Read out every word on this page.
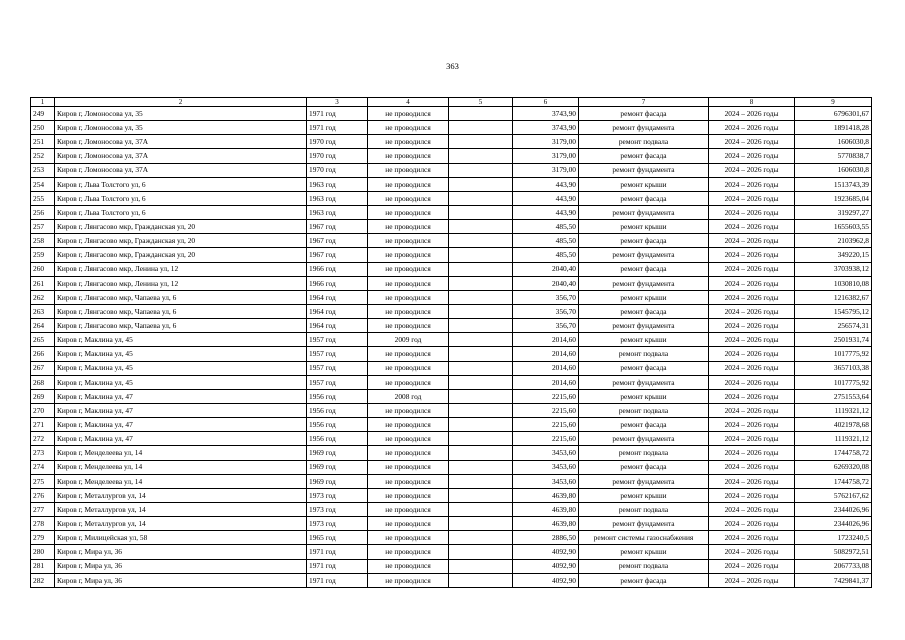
363
1	2	3	4	5	6	7	8	9
249	Киров г, Ломоносова ул, 35	1971 год	не проводился		3743,90	ремонт фасада	2024 – 2026 годы	6796301,67
250	Киров г, Ломоносова ул, 35	1971 год	не проводился		3743,90	ремонт фундамента	2024 – 2026 годы	1891418,28
251	Киров г, Ломоносова ул, 37А	1970 год	не проводился		3179,00	ремонт подвала	2024 – 2026 годы	1606030,8
252	Киров г, Ломоносова ул, 37А	1970 год	не проводился		3179,00	ремонт фасада	2024 – 2026 годы	5770838,7
253	Киров г, Ломоносова ул, 37А	1970 год	не проводился		3179,00	ремонт фундамента	2024 – 2026 годы	1606030,8
254	Киров г, Льва Толстого ул, 6	1963 год	не проводился		443,90	ремонт крыши	2024 – 2026 годы	1513743,39
255	Киров г, Льва Толстого ул, 6	1963 год	не проводился		443,90	ремонт фасада	2024 – 2026 годы	1923685,04
256	Киров г, Льва Толстого ул, 6	1963 год	не проводился		443,90	ремонт фундамента	2024 – 2026 годы	319297,27
257	Киров г, Лянгасово мкр, Гражданская ул, 20	1967 год	не проводился		485,50	ремонт крыши	2024 – 2026 годы	1655603,55
258	Киров г, Лянгасово мкр, Гражданская ул, 20	1967 год	не проводился		485,50	ремонт фасада	2024 – 2026 годы	2103962,8
259	Киров г, Лянгасово мкр, Гражданская ул, 20	1967 год	не проводился		485,50	ремонт фундамента	2024 – 2026 годы	349220,15
260	Киров г, Лянгасово мкр, Ленина ул, 12	1966 год	не проводился		2040,40	ремонт фасада	2024 – 2026 годы	3703938,12
261	Киров г, Лянгасово мкр, Ленина ул, 12	1966 год	не проводился		2040,40	ремонт фундамента	2024 – 2026 годы	1030810,08
262	Киров г, Лянгасово мкр, Чапаева ул, 6	1964 год	не проводился		356,70	ремонт крыши	2024 – 2026 годы	1216382,67
263	Киров г, Лянгасово мкр, Чапаева ул, 6	1964 год	не проводился		356,70	ремонт фасада	2024 – 2026 годы	1545795,12
264	Киров г, Лянгасово мкр, Чапаева ул, 6	1964 год	не проводился		356,70	ремонт фундамента	2024 – 2026 годы	256574,31
265	Киров г, Маклина ул, 45	1957 год	2009 год		2014,60	ремонт крыши	2024 – 2026 годы	2501931,74
266	Киров г, Маклина ул, 45	1957 год	не проводился		2014,60	ремонт подвала	2024 – 2026 годы	1017775,92
267	Киров г, Маклина ул, 45	1957 год	не проводился		2014,60	ремонт фасада	2024 – 2026 годы	3657103,38
268	Киров г, Маклина ул, 45	1957 год	не проводился		2014,60	ремонт фундамента	2024 – 2026 годы	1017775,92
269	Киров г, Маклина ул, 47	1956 год	2008 год		2215,60	ремонт крыши	2024 – 2026 годы	2751553,64
270	Киров г, Маклина ул, 47	1956 год	не проводился		2215,60	ремонт подвала	2024 – 2026 годы	1119321,12
271	Киров г, Маклина ул, 47	1956 год	не проводился		2215,60	ремонт фасада	2024 – 2026 годы	4021978,68
272	Киров г, Маклина ул, 47	1956 год	не проводился		2215,60	ремонт фундамента	2024 – 2026 годы	1119321,12
273	Киров г, Менделеева ул, 14	1969 год	не проводился		3453,60	ремонт подвала	2024 – 2026 годы	1744758,72
274	Киров г, Менделеева ул, 14	1969 год	не проводился		3453,60	ремонт фасада	2024 – 2026 годы	6269320,08
275	Киров г, Менделеева ул, 14	1969 год	не проводился		3453,60	ремонт фундамента	2024 – 2026 годы	1744758,72
276	Киров г, Металлургов ул, 14	1973 год	не проводился		4639,80	ремонт крыши	2024 – 2026 годы	5762167,62
277	Киров г, Металлургов ул, 14	1973 год	не проводился		4639,80	ремонт подвала	2024 – 2026 годы	2344026,96
278	Киров г, Металлургов ул, 14	1973 год	не проводился		4639,80	ремонт фундамента	2024 – 2026 годы	2344026,96
279	Киров г, Милицейская ул, 58	1965 год	не проводился		2886,50	ремонт системы газоснабжения	2024 – 2026 годы	1723240,5
280	Киров г, Мира ул, 36	1971 год	не проводился		4092,90	ремонт крыши	2024 – 2026 годы	5082972,51
281	Киров г, Мира ул, 36	1971 год	не проводился		4092,90	ремонт подвала	2024 – 2026 годы	2067733,08
282	Киров г, Мира ул, 36	1971 год	не проводился		4092,90	ремонт фасада	2024 – 2026 годы	7429841,37
